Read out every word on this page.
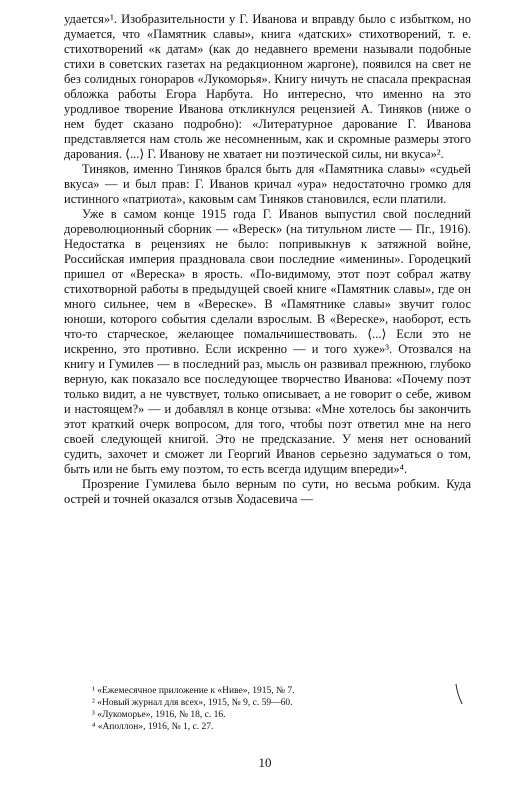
удается»¹. Изобразительности у Г. Иванова и вправду было с избытком, но думается, что «Памятник славы», книга «датских» стихотворений, т. е. стихотворений «к датам» (как до недавнего времени называли подобные стихи в советских газетах на редакционном жаргоне), появился на свет не без солидных гонораров «Лукоморья». Книгу ничуть не спасала прекрасная обложка работы Егора Нарбута. Но интересно, что именно на это уродливое творение Иванова откликнулся рецензией А. Тиняков (ниже о нем будет сказано подробно): «Литературное дарование Г. Иванова представляется нам столь же несомненным, как и скромные размеры этого дарования. ⟨...⟩ Г. Иванову не хватает ни поэтической силы, ни вкуса»².

Тиняков, именно Тиняков брался быть для «Памятника славы» «судьей вкуса» — и был прав: Г. Иванов кричал «ура» недостаточно громко для истинного «патриота», каковым сам Тиняков становился, если платили.

Уже в самом конце 1915 года Г. Иванов выпустил свой последний дореволюционный сборник — «Вереск» (на титульном листе — Пг., 1916). Недостатка в рецензиях не было: попривыкнув к затяжной войне, Российская империя праздновала свои последние «именины». Городецкий пришел от «Вереска» в ярость. «По-видимому, этот поэт собрал жатву стихотворной работы в предыдущей своей книге «Памятник славы», где он много сильнее, чем в «Вереске». В «Памятнике славы» звучит голос юноши, которого события сделали взрослым. В «Вереске», наоборот, есть что-то старческое, желающее помальчишествовать. ⟨...⟩ Если это не искренно, это противно. Если искренно — и того хуже»³. Отозвался на книгу и Гумилев — в последний раз, мысль он развивал прежнюю, глубоко верную, как показало все последующее творчество Иванова: «Почему поэт только видит, а не чувствует, только описывает, а не говорит о себе, живом и настоящем?» — и добавлял в конце отзыва: «Мне хотелось бы закончить этот краткий очерк вопросом, для того, чтобы поэт ответил мне на него своей следующей книгой. Это не предсказание. У меня нет оснований судить, захочет и сможет ли Георгий Иванов серьезно задуматься о том, быть или не быть ему поэтом, то есть всегда идущим впереди»⁴.

Прозрение Гумилева было верным по сути, но весьма робким. Куда острей и точней оказался отзыв Ходасевича —

¹ «Ежемесячное приложение к «Ниве», 1915, № 7.

² «Новый журнал для всех», 1915, № 9, с. 59—60.

³ «Лукоморье», 1916, № 18, с. 16.

⁴ «Аполлон», 1916, № 1, с. 27.

10
